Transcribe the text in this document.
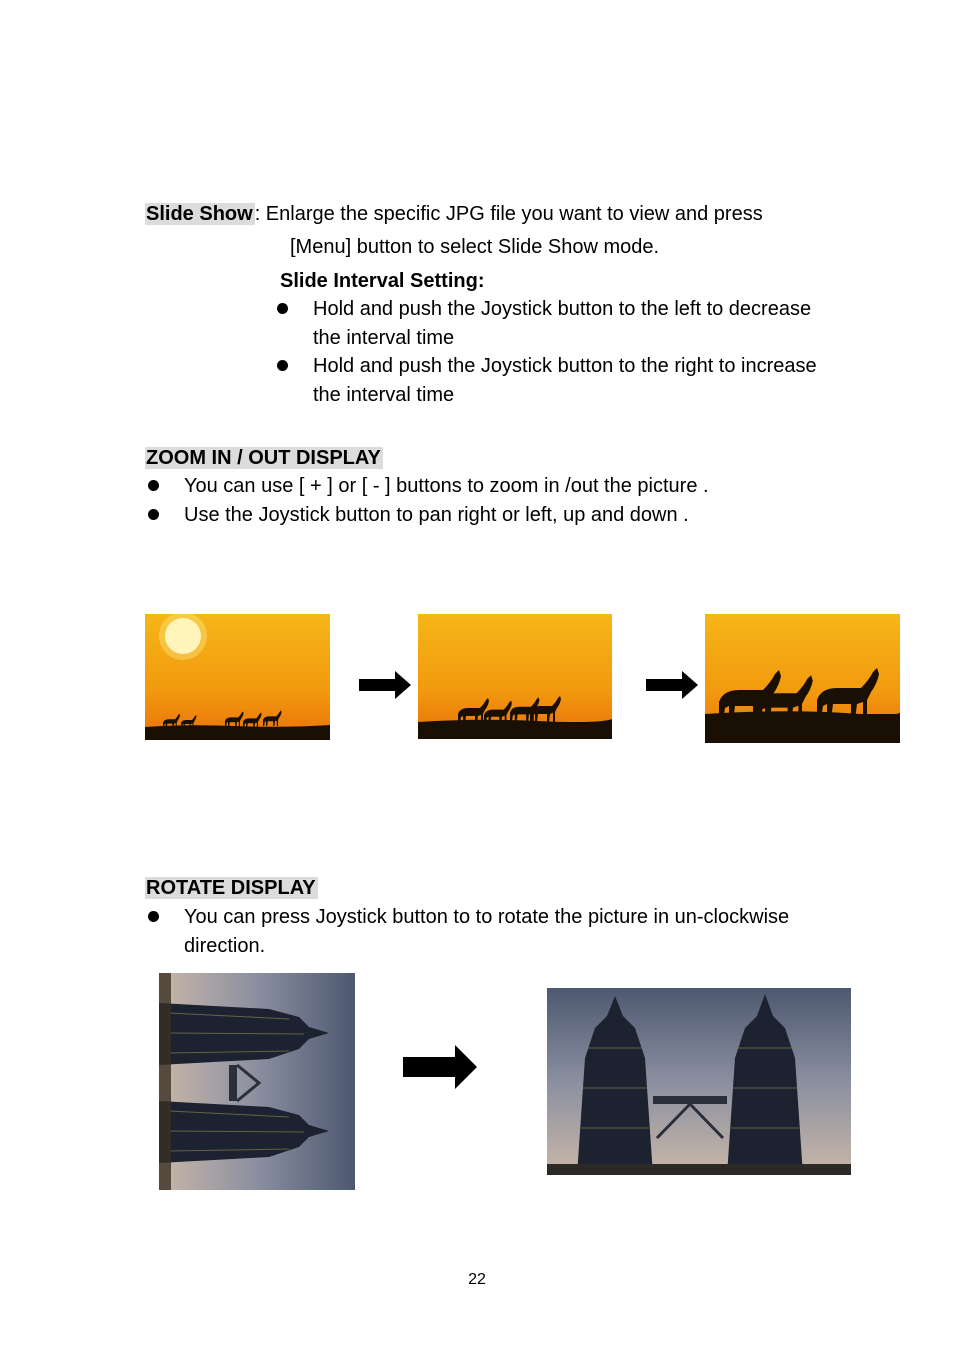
Slide Show : Enlarge the specific JPG file you want to view and press
[Menu] button to select Slide Show mode.
Slide Interval Setting:
Hold and push the Joystick button to the left to decrease
the interval time
Hold and push the Joystick button to the right to increase
the interval time
ZOOM IN / OUT DISPLAY
You can use [ + ] or [ - ] buttons to zoom in /out the picture .
Use the Joystick button to pan right or left, up and down .
ROTATE DISPLAY
You can press Joystick button to to rotate the picture in un-clockwise
direction.
22
